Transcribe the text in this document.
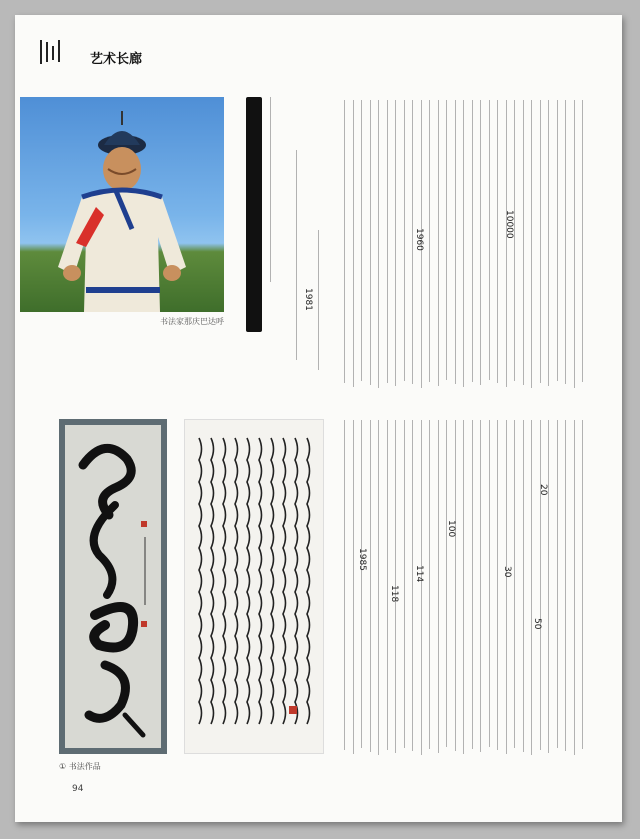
艺术长廊
书法家那庆巴达呼
1981
1960
10000
1985
100
114
118
30
50
20
① 书法作品
94
